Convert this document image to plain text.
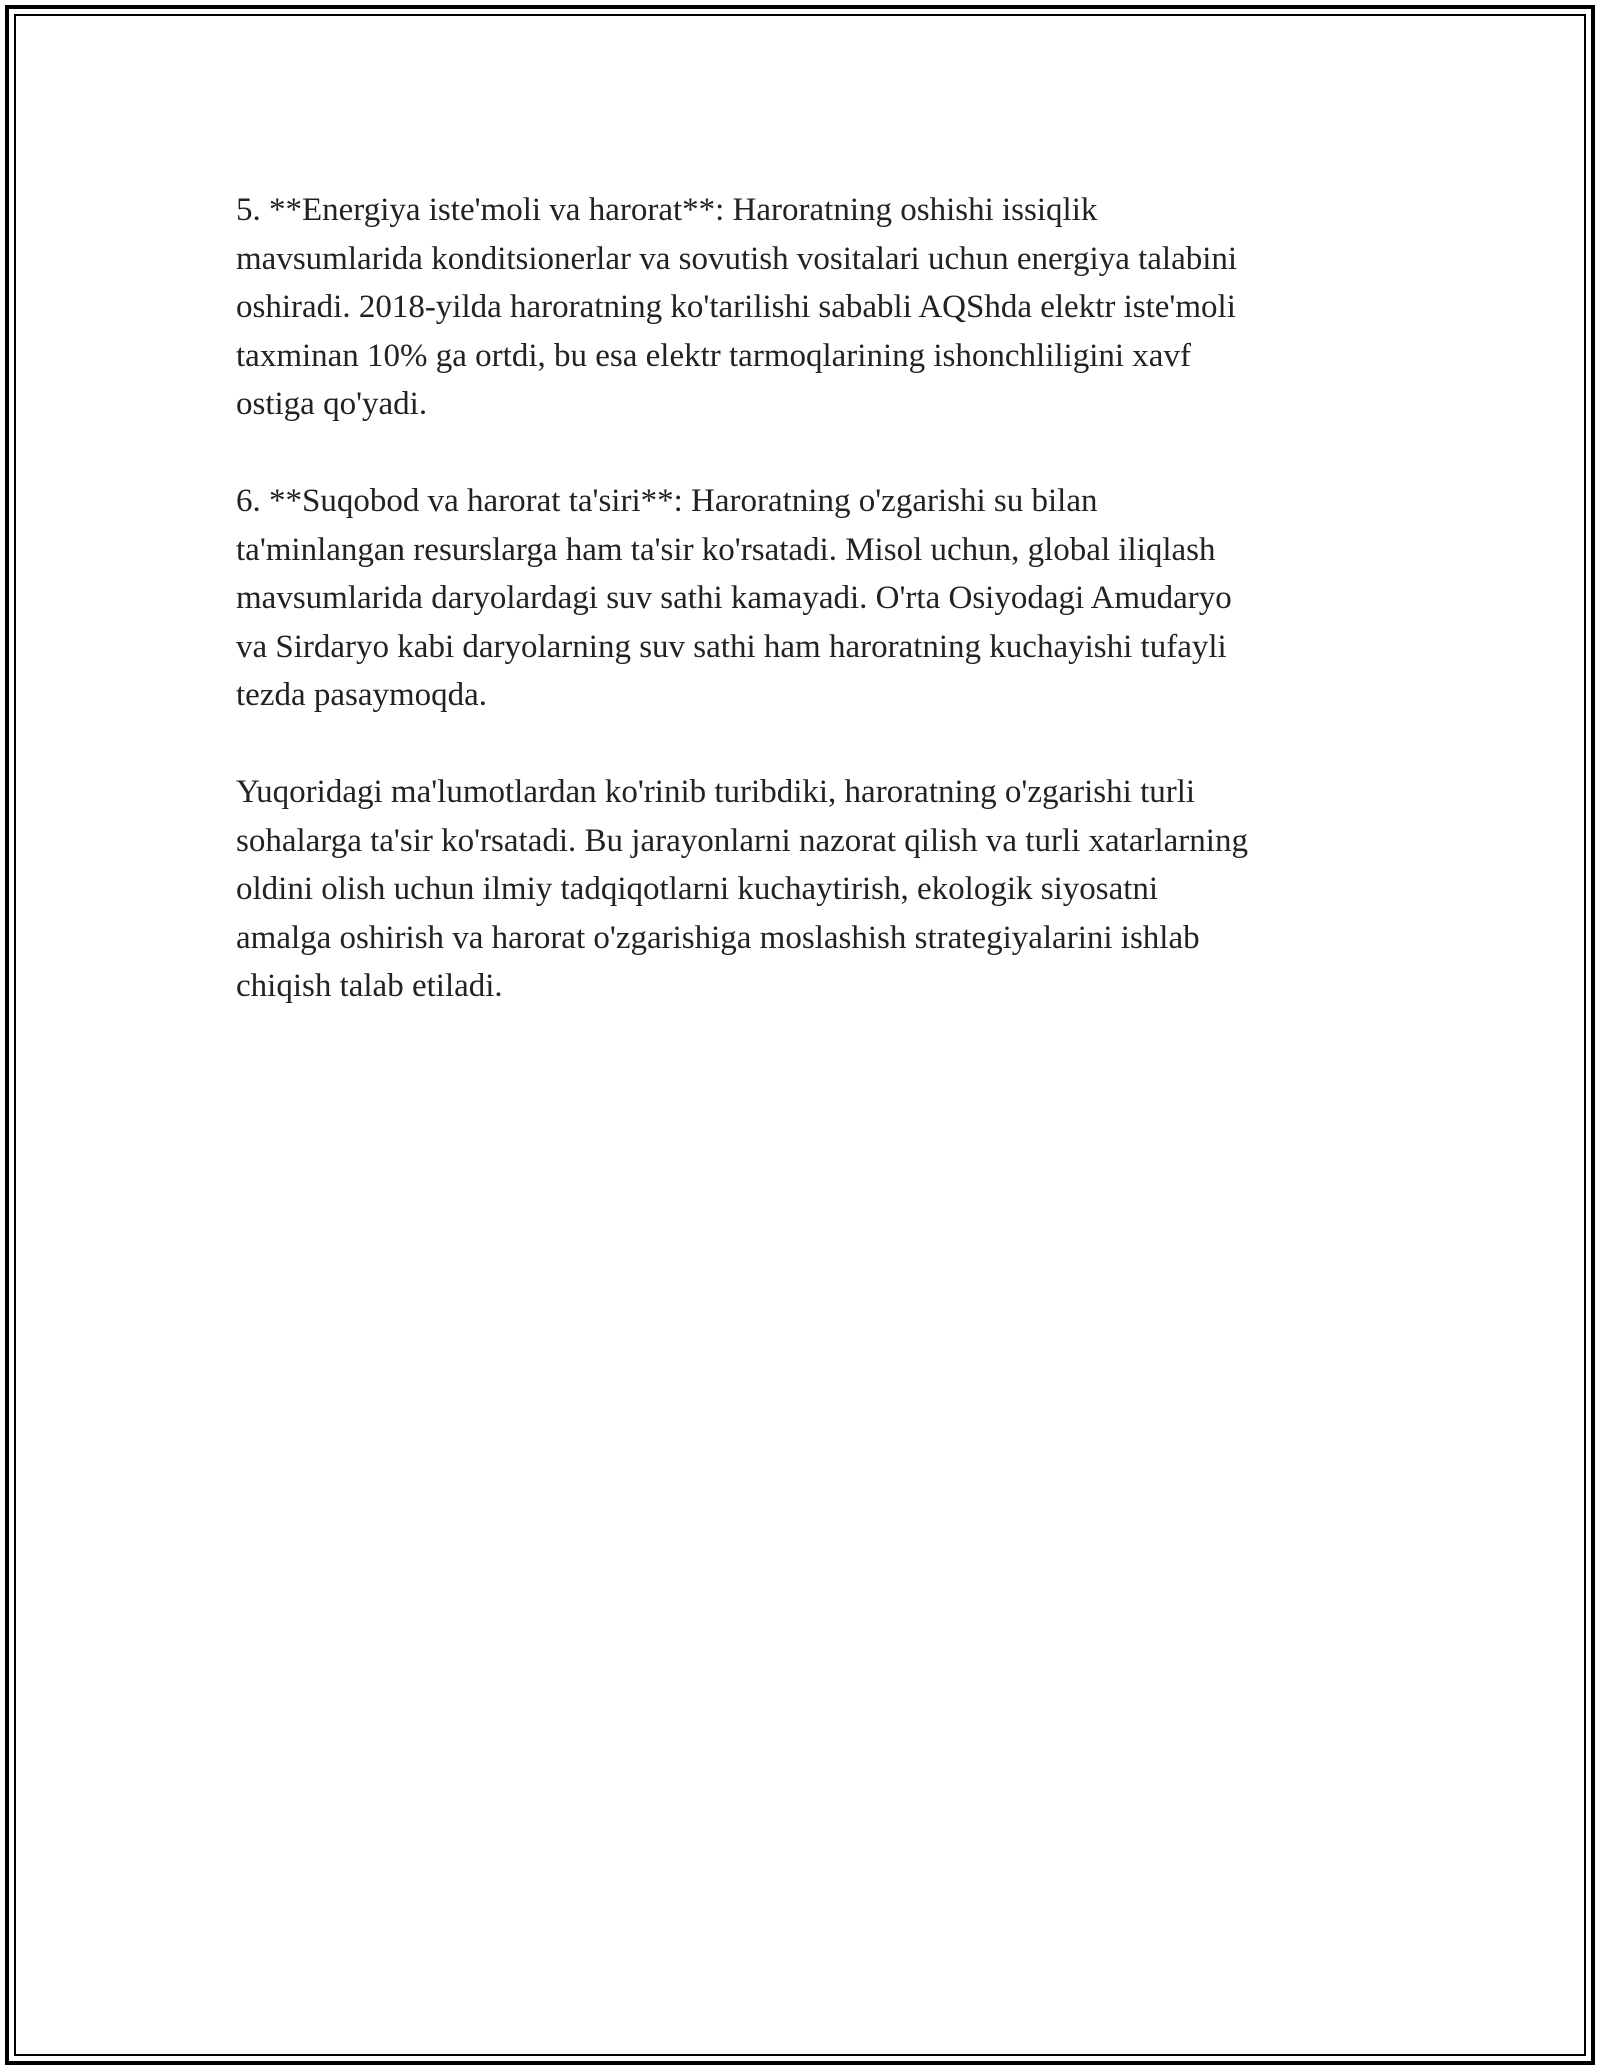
5. **Energiya iste'moli va harorat**: Haroratning oshishi issiqlik
mavsumlarida konditsionerlar va sovutish vositalari uchun energiya talabini
oshiradi. 2018-yilda haroratning ko'tarilishi sababli AQShda elektr iste'moli
taxminan 10% ga ortdi, bu esa elektr tarmoqlarining ishonchliligini xavf
ostiga qo'yadi.

6. **Suqobod va harorat ta'siri**: Haroratning o'zgarishi su bilan
ta'minlangan resurslarga ham ta'sir ko'rsatadi. Misol uchun, global iliqlash
mavsumlarida daryolardagi suv sathi kamayadi. O'rta Osiyodagi Amudaryo
va Sirdaryo kabi daryolarning suv sathi ham haroratning kuchayishi tufayli
tezda pasaymoqda.

Yuqoridagi ma'lumotlardan ko'rinib turibdiki, haroratning o'zgarishi turli
sohalarga ta'sir ko'rsatadi. Bu jarayonlarni nazorat qilish va turli xatarlarning
oldini olish uchun ilmiy tadqiqotlarni kuchaytirish, ekologik siyosatni
amalga oshirish va harorat o'zgarishiga moslashish strategiyalarini ishlab
chiqish talab etiladi.
